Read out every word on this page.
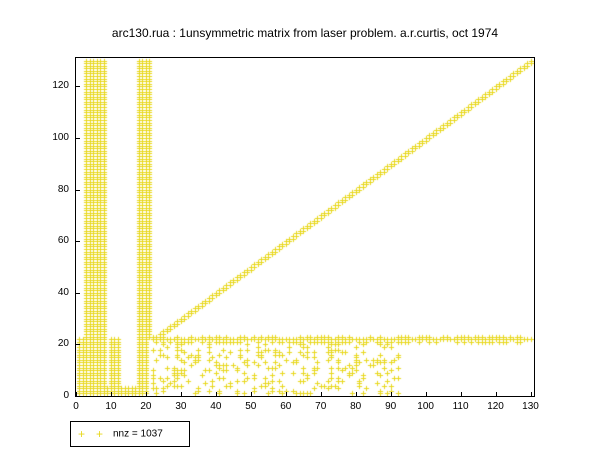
arc130.rua : 1unsymmetric matrix from laser problem. a.r.curtis, oct 1974
0	10	20	30	40	50	60	70	80	90	100	110	120	130
0
20
40
60
80
100
120
+ + nnz = 1037
